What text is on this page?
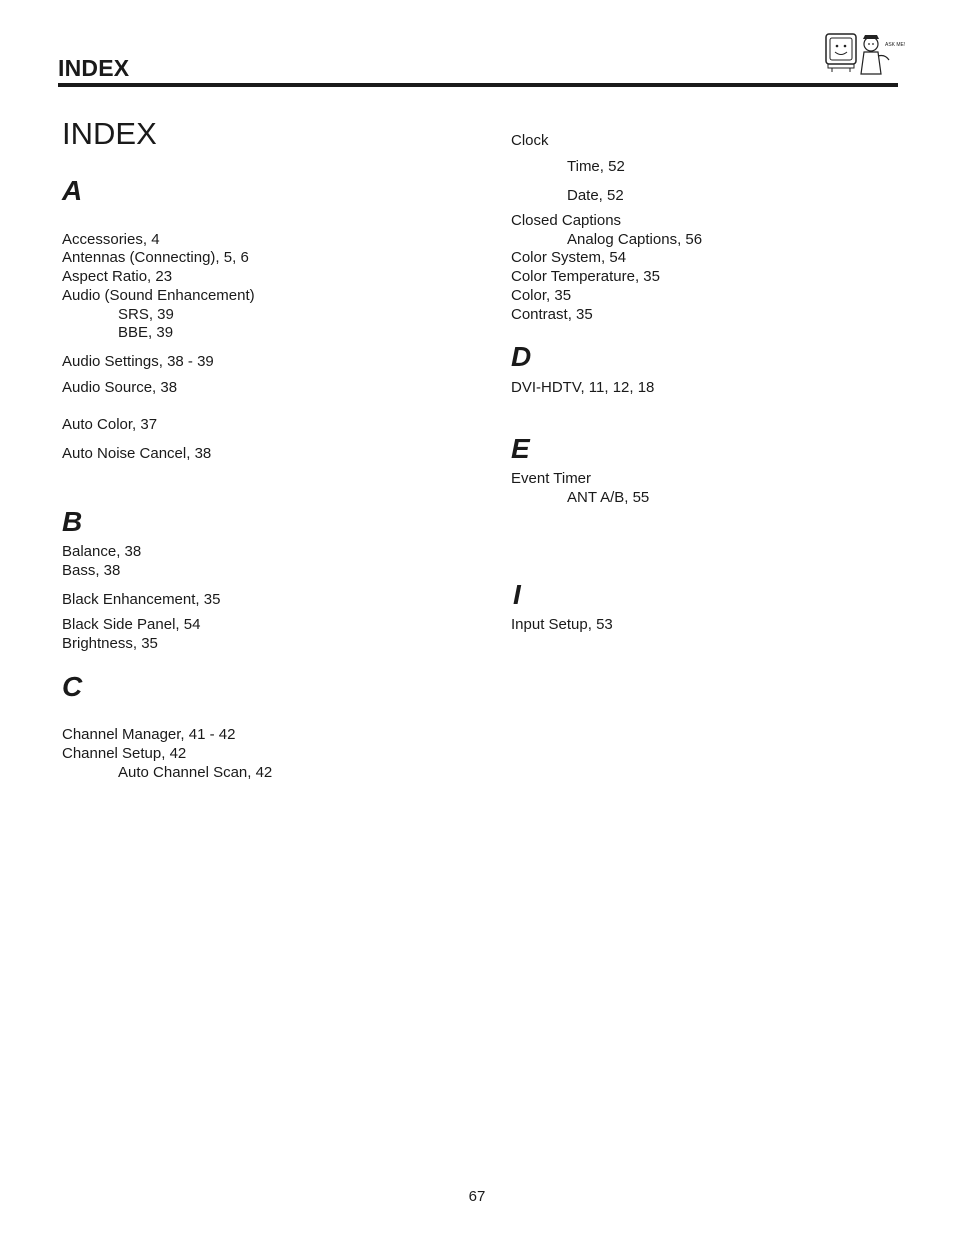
INDEX
ASK ME!
INDEX
A
Accessories, 4
Antennas (Connecting), 5, 6
Aspect Ratio, 23
Audio (Sound Enhancement)
SRS, 39
BBE, 39
Audio Settings, 38 - 39
Audio Source, 38
Auto Color, 37
Auto Noise Cancel, 38
B
Balance, 38
Bass, 38
Black Enhancement, 35
Black Side Panel, 54
Brightness, 35
C
Channel Manager, 41 - 42
Channel Setup, 42
Auto Channel Scan, 42
Clock
Time, 52
Date, 52
Closed Captions
Analog Captions, 56
Color System, 54
Color Temperature, 35
Color, 35
Contrast, 35
D
DVI-HDTV, 11, 12, 18
E
Event Timer
ANT A/B, 55
I
Input Setup, 53
67
